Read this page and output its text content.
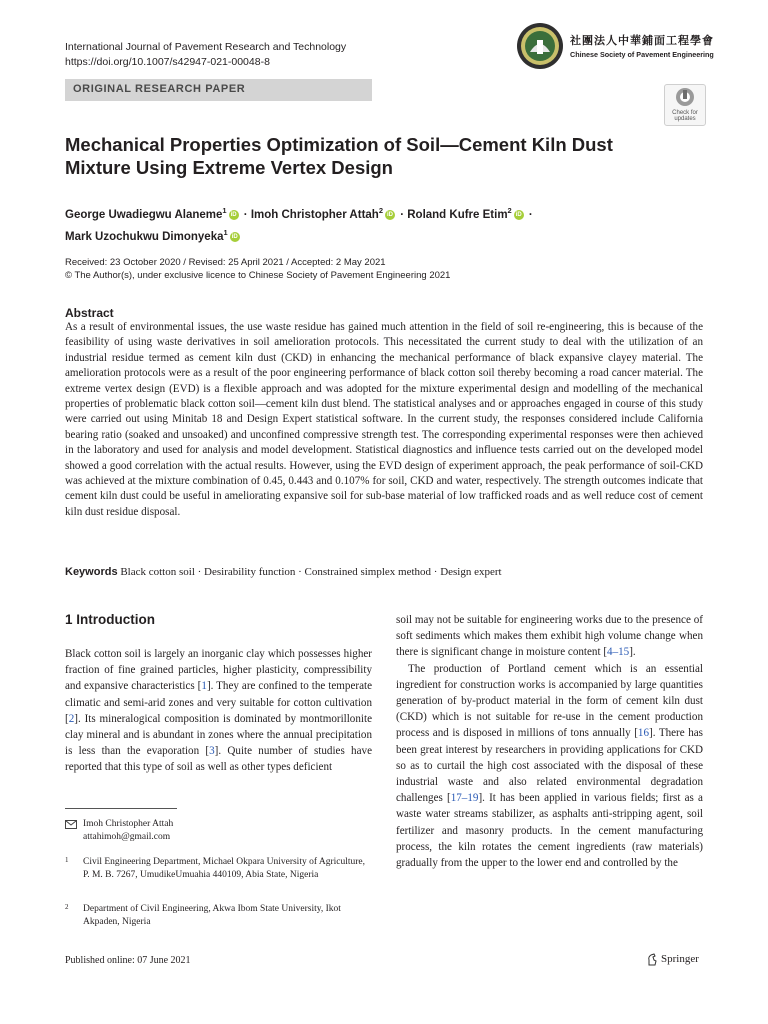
International Journal of Pavement Research and Technology
https://doi.org/10.1007/s42947-021-00048-8
社團法人中華鋪面工程學會
Chinese Society of Pavement Engineering
ORIGINAL RESEARCH PAPER
Check for
updates
Mechanical Properties Optimization of Soil—Cement Kiln Dust
Mixture Using Extreme Vertex Design
George Uwadiegwu Alaneme$^1$ iD · Imoh Christopher Attah$^2$ iD · Roland Kufre Etim$^2$ iD ·
Mark Uzochukwu Dimonyeka$^1$ iD
Received: 23 October 2020 / Revised: 25 April 2021 / Accepted: 2 May 2021
© The Author(s), under exclusive licence to Chinese Society of Pavement Engineering 2021
Abstract
As a result of environmental issues, the use waste residue has gained much attention in the field of soil re-engineering, this is because of the feasibility of using waste derivatives in soil amelioration protocols. This necessitated the current study to deal with the utilization of an industrial residue termed as cement kiln dust (CKD) in enhancing the mechanical performance of black expansive clayey material. The amelioration protocols were as a result of the poor engineering performance of black cotton soil thereby becoming a road cancer material. The extreme vertex design (EVD) is a flexible approach and was adopted for the mixture experimental design and modelling of the mechanical properties of problematic black cotton soil—cement kiln dust blend. The statistical analyses and or approaches engaged in course of this study were carried out using Minitab 18 and Design Expert statistical software. In the current study, the responses considered include California bearing ratio (soaked and unsoaked) and unconfined compressive strength test. The corresponding experimental responses were then achieved in the laboratory and used for analysis and model development. Statistical diagnostics and influence tests carried out on the developed model showed a good correlation with the actual results. However, using the EVD design of experiment approach, the peak performance of soil-CKD was achieved at the mixture combination of 0.45, 0.443 and 0.107% for soil, CKD and water, respectively. The strength outcomes indicate that cement kiln dust could be useful in ameliorating expansive soil for sub-base material of low trafficked roads and as well reduce cost of cement kiln dust residue disposal.
Keywords Black cotton soil · Desirability function · Constrained simplex method · Design expert
1 Introduction
Black cotton soil is largely an inorganic clay which possesses higher fraction of fine grained particles, higher plasticity, compressibility and expansive characteristics [1]. They are confined to the temperate climatic and semi-arid zones and very suitable for cotton cultivation [2]. Its mineralogical composition is dominated by montmorillonite clay mineral and is abundant in zones where the annual precipitation is less than the evaporation [3]. Quite number of studies have reported that this type of soil as well as other types deficient

soil may not be suitable for engineering works due to the presence of soft sediments which makes them exhibit high volume change when there is significant change in moisture content [4–15].

The production of Portland cement which is an essential ingredient for construction works is accompanied by large quantities generation of by-product material in the form of cement kiln dust (CKD) which is not suitable for re-use in the cement production process and is disposed in millions of tons annually [16]. There has been great interest by researchers in providing applications for CKD so as to curtail the high cost associated with the disposal of these industrial waste and also related environmental degradation challenges [17–19]. It has been applied in various fields; first as a waste water streams stabilizer, as asphalts anti-stripping agent, soil fertilizer and masonry products. In the cement manufacturing process, the kiln rotates the cement ingredients (raw materials) gradually from the upper to the lower end and controlled by the

Imoh Christopher Attah
attahimoh@gmail.com
1 Civil Engineering Department, Michael Okpara University of Agriculture, P. M. B. 7267, UmudikeUmuahia 440109, Abia State, Nigeria
2 Department of Civil Engineering, Akwa Ibom State University, Ikot Akpaden, Nigeria
Published online: 07 June 2021	Springer
